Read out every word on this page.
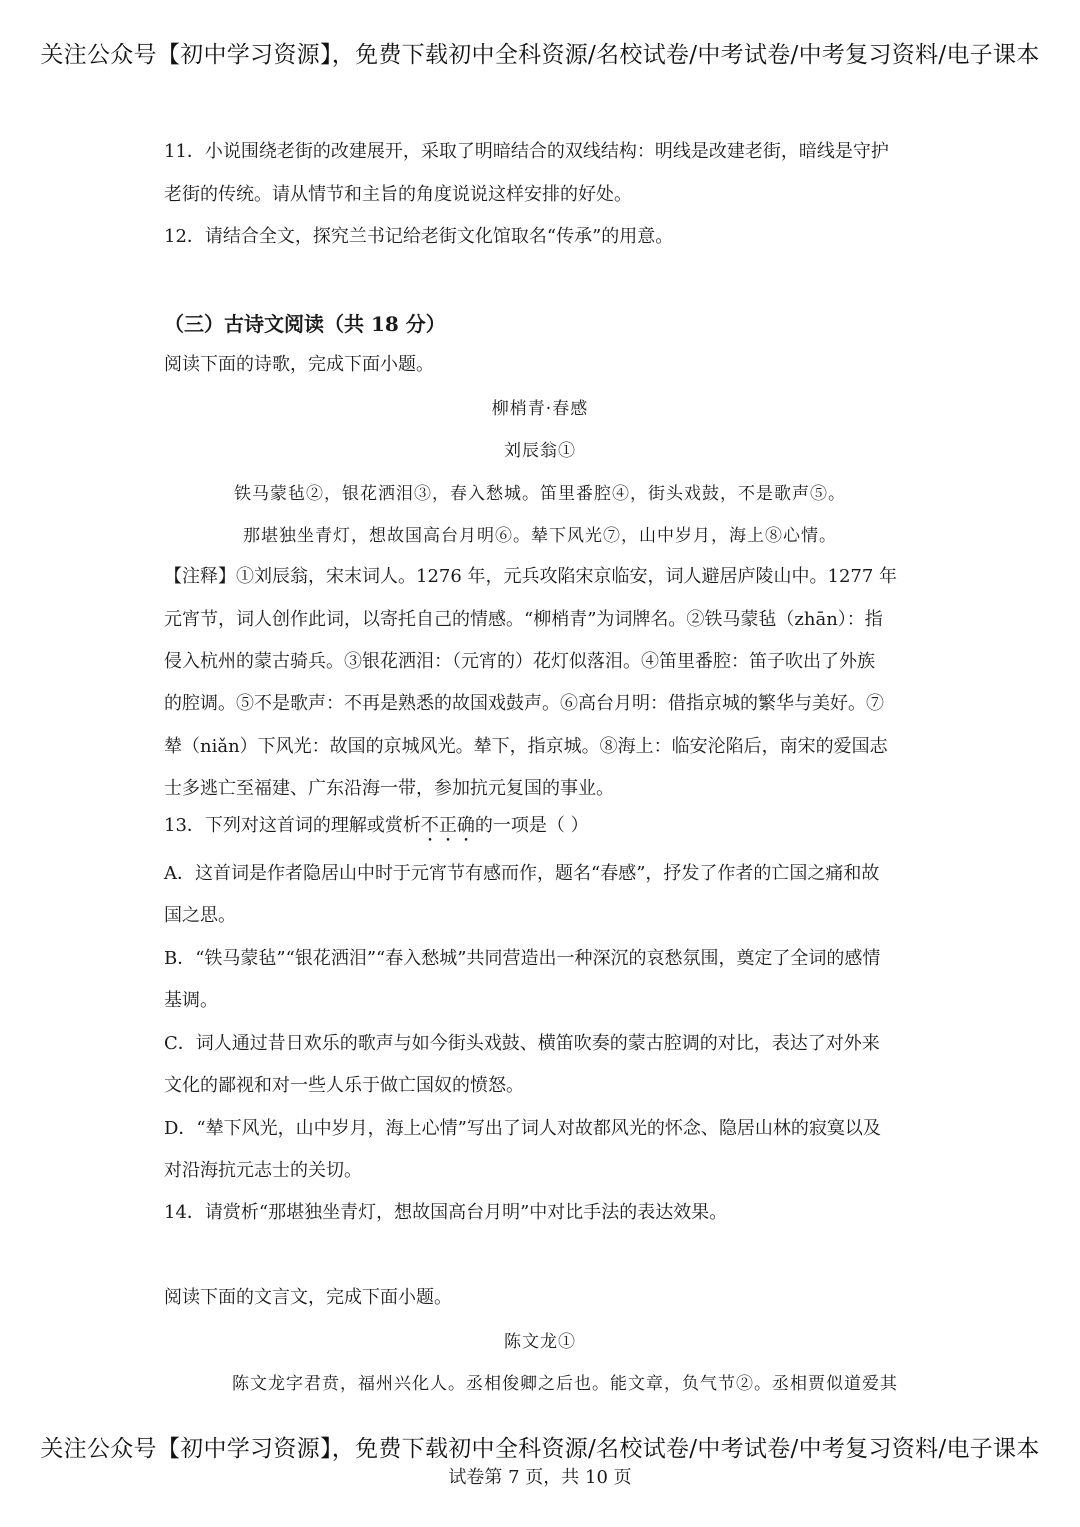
关注公众号【初中学习资源】，免费下载初中全科资源/名校试卷/中考试卷/中考复习资料/电子课本
11．小说围绕老街的改建展开，采取了明暗结合的双线结构：明线是改建老街，暗线是守护
老街的传统。请从情节和主旨的角度说说这样安排的好处。
12．请结合全文，探究兰书记给老街文化馆取名“传承”的用意。
（三）古诗文阅读（共 18 分）
阅读下面的诗歌，完成下面小题。
柳梢青·春感
刘辰翁①
铁马蒙毡②，银花洒泪③，春入愁城。笛里番腔④，街头戏鼓，不是歌声⑤。
那堪独坐青灯，想故国高台月明⑥。辇下风光⑦，山中岁月，海上⑧心情。
【注释】①刘辰翁，宋末词人。1276 年，元兵攻陷宋京临安，词人避居庐陵山中。1277 年
元宵节，词人创作此词，以寄托自己的情感。“柳梢青”为词牌名。②铁马蒙毡（zhān）：指
侵入杭州的蒙古骑兵。③银花洒泪：（元宵的）花灯似落泪。④笛里番腔：笛子吹出了外族
的腔调。⑤不是歌声：不再是熟悉的故国戏鼓声。⑥高台月明：借指京城的繁华与美好。⑦
辇（niǎn）下风光：故国的京城风光。辇下，指京城。⑧海上：临安沦陷后，南宋的爱国志
士多逃亡至福建、广东沿海一带，参加抗元复国的事业。
13．下列对这首词的理解或赏析不正确的一项是（ ）
A．这首词是作者隐居山中时于元宵节有感而作，题名“春感”，抒发了作者的亡国之痛和故
国之思。
B．“铁马蒙毡”“银花洒泪”“春入愁城”共同营造出一种深沉的哀愁氛围，奠定了全词的感情
基调。
C．词人通过昔日欢乐的歌声与如今街头戏鼓、横笛吹奏的蒙古腔调的对比，表达了对外来
文化的鄙视和对一些人乐于做亡国奴的愤怒。
D．“辇下风光，山中岁月，海上心情”写出了词人对故都风光的怀念、隐居山林的寂寞以及
对沿海抗元志士的关切。
14．请赏析“那堪独坐青灯，想故国高台月明”中对比手法的表达效果。
阅读下面的文言文，完成下面小题。
陈文龙①
陈文龙字君贲，福州兴化人。丞相俊卿之后也。能文章，负气节②。丞相贾似道爱其
关注公众号【初中学习资源】，免费下载初中全科资源/名校试卷/中考试卷/中考复习资料/电子课本
试卷第 7 页，共 10 页
